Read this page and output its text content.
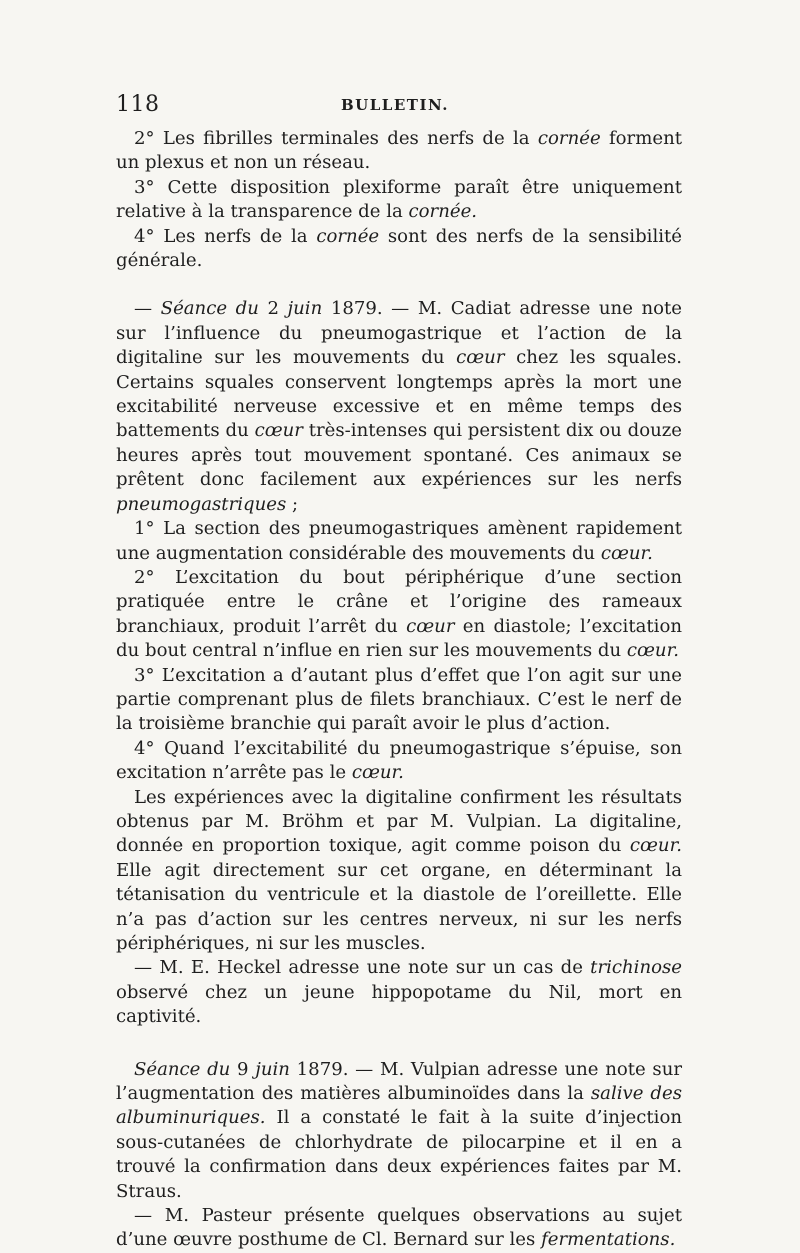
118	BULLETIN.

2° Les fibrilles terminales des nerfs de la cornée forment un plexus et non un réseau.

3° Cette disposition plexiforme paraît être uniquement relative à la transparence de la cornée.

4° Les nerfs de la cornée sont des nerfs de la sensibilité générale.

— Séance du 2 juin 1879. — M. Cadiat adresse une note sur l’influence du pneumogastrique et l’action de la digitaline sur les mouvements du cœur chez les squales. Certains squales conservent longtemps après la mort une excitabilité nerveuse excessive et en même temps des battements du cœur très-intenses qui persistent dix ou douze heures après tout mouvement spontané. Ces animaux se prêtent donc facilement aux expériences sur les nerfs pneumogastriques ;

1° La section des pneumogastriques amènent rapidement une augmentation considérable des mouvements du cœur.

2° L’excitation du bout périphérique d’une section pratiquée entre le crâne et l’origine des rameaux branchiaux, produit l’arrêt du cœur en diastole; l’excitation du bout central n’influe en rien sur les mouvements du cœur.

3° L’excitation a d’autant plus d’effet que l’on agit sur une partie comprenant plus de filets branchiaux. C’est le nerf de la troisième branchie qui paraît avoir le plus d’action.

4° Quand l’excitabilité du pneumogastrique s’épuise, son excitation n’arrête pas le cœur.

Les expériences avec la digitaline confirment les résultats obtenus par M. Bröhm et par M. Vulpian. La digitaline, donnée en proportion toxique, agit comme poison du cœur. Elle agit directement sur cet organe, en déterminant la tétanisation du ventricule et la diastole de l’oreillette. Elle n’a pas d’action sur les centres nerveux, ni sur les nerfs périphériques, ni sur les muscles.

— M. E. Heckel adresse une note sur un cas de trichinose observé chez un jeune hippopotame du Nil, mort en captivité.

Séance du 9 juin 1879. — M. Vulpian adresse une note sur l’augmentation des matières albuminoïdes dans la salive des albuminuriques. Il a constaté le fait à la suite d’injection sous-cutanées de chlorhydrate de pilocarpine et il en a trouvé la confirmation dans deux expériences faites par M. Straus.

— M. Pasteur présente quelques observations au sujet d’une œuvre posthume de Cl. Bernard sur les fermentations.
